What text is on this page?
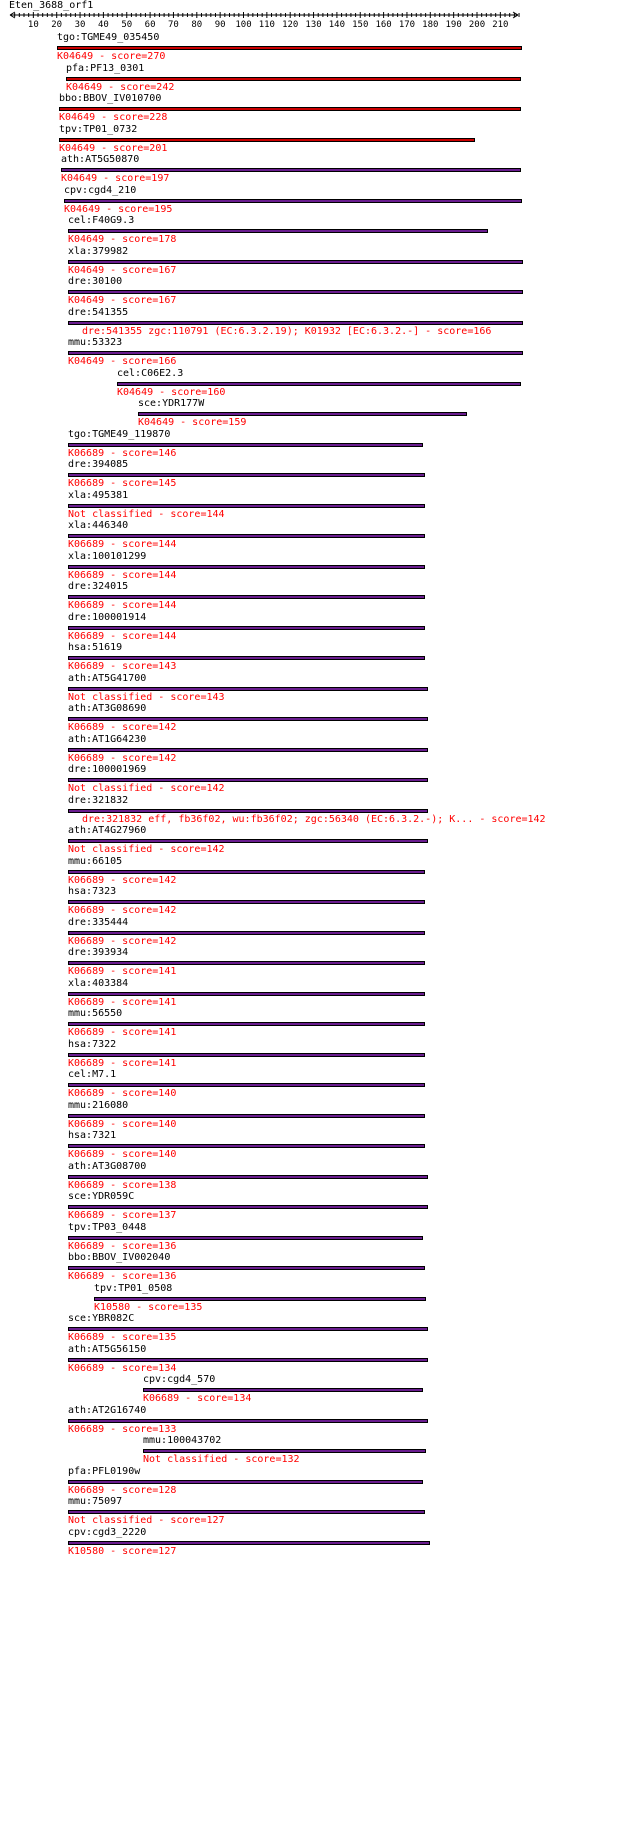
Eten_3688_orf1
10 20 30 40 50 60 70 80 90 100 110 120 130 140 150 160 170 180 190 200 210
tgo:TGME49_035450
K04649 - score=270
pfa:PF13_0301
K04649 - score=242
bbo:BBOV_IV010700
K04649 - score=228
tpv:TP01_0732
K04649 - score=201
ath:AT5G50870
K04649 - score=197
cpv:cgd4_210
K04649 - score=195
cel:F40G9.3
K04649 - score=178
xla:379982
K04649 - score=167
dre:30100
K04649 - score=167
dre:541355
dre:541355 zgc:110791 (EC:6.3.2.19); K01932 [EC:6.3.2.-] - score=166
mmu:53323
K04649 - score=166
cel:C06E2.3
K04649 - score=160
sce:YDR177W
K04649 - score=159
tgo:TGME49_119870
K06689 - score=146
dre:394085
K06689 - score=145
xla:495381
Not classified - score=144
xla:446340
K06689 - score=144
xla:100101299
K06689 - score=144
dre:324015
K06689 - score=144
dre:100001914
K06689 - score=144
hsa:51619
K06689 - score=143
ath:AT5G41700
Not classified - score=143
ath:AT3G08690
K06689 - score=142
ath:AT1G64230
K06689 - score=142
dre:100001969
Not classified - score=142
dre:321832
dre:321832 eff, fb36f02, wu:fb36f02; zgc:56340 (EC:6.3.2.-); K... - score=142
ath:AT4G27960
Not classified - score=142
mmu:66105
K06689 - score=142
hsa:7323
K06689 - score=142
dre:335444
K06689 - score=142
dre:393934
K06689 - score=141
xla:403384
K06689 - score=141
mmu:56550
K06689 - score=141
hsa:7322
K06689 - score=141
cel:M7.1
K06689 - score=140
mmu:216080
K06689 - score=140
hsa:7321
K06689 - score=140
ath:AT3G08700
K06689 - score=138
sce:YDR059C
K06689 - score=137
tpv:TP03_0448
K06689 - score=136
bbo:BBOV_IV002040
K06689 - score=136
tpv:TP01_0508
K10580 - score=135
sce:YBR082C
K06689 - score=135
ath:AT5G56150
K06689 - score=134
cpv:cgd4_570
K06689 - score=134
ath:AT2G16740
K06689 - score=133
mmu:100043702
Not classified - score=132
pfa:PFL0190w
K06689 - score=128
mmu:75097
Not classified - score=127
cpv:cgd3_2220
K10580 - score=127
